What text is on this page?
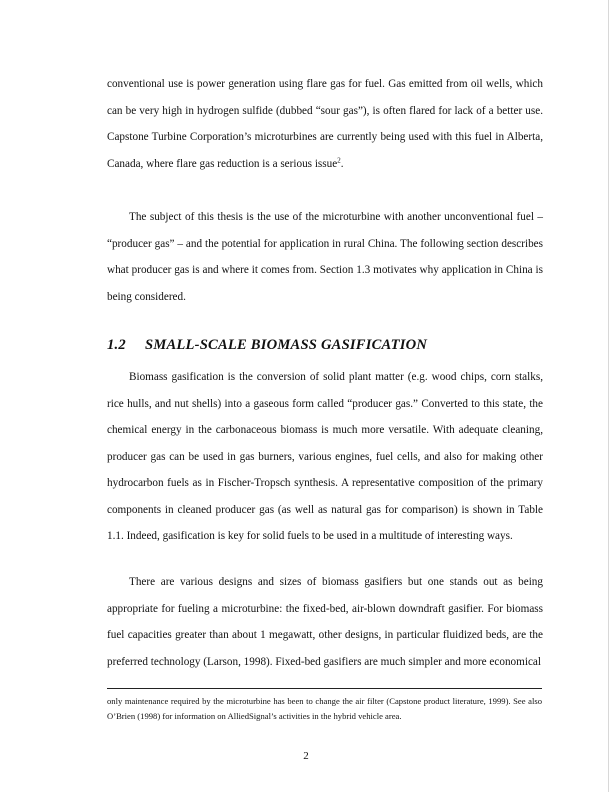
conventional use is power generation using flare gas for fuel. Gas emitted from oil wells, which can be very high in hydrogen sulfide (dubbed “sour gas”), is often flared for lack of a better use. Capstone Turbine Corporation’s microturbines are currently being used with this fuel in Alberta, Canada, where flare gas reduction is a serious issue$^2$.

The subject of this thesis is the use of the microturbine with another unconventional fuel – “producer gas” – and the potential for application in rural China. The following section describes what producer gas is and where it comes from. Section 1.3 motivates why application in China is being considered.

1.2 SMALL-SCALE BIOMASS GASIFICATION

Biomass gasification is the conversion of solid plant matter (e.g. wood chips, corn stalks, rice hulls, and nut shells) into a gaseous form called “producer gas.” Converted to this state, the chemical energy in the carbonaceous biomass is much more versatile. With adequate cleaning, producer gas can be used in gas burners, various engines, fuel cells, and also for making other hydrocarbon fuels as in Fischer-Tropsch synthesis. A representative composition of the primary components in cleaned producer gas (as well as natural gas for comparison) is shown in Table 1.1. Indeed, gasification is key for solid fuels to be used in a multitude of interesting ways.

There are various designs and sizes of biomass gasifiers but one stands out as being appropriate for fueling a microturbine: the fixed-bed, air-blown downdraft gasifier. For biomass fuel capacities greater than about 1 megawatt, other designs, in particular fluidized beds, are the preferred technology (Larson, 1998). Fixed-bed gasifiers are much simpler and more economical

only maintenance required by the microturbine has been to change the air filter (Capstone product literature, 1999). See also O’Brien (1998) for information on AlliedSignal’s activities in the hybrid vehicle area.

2
